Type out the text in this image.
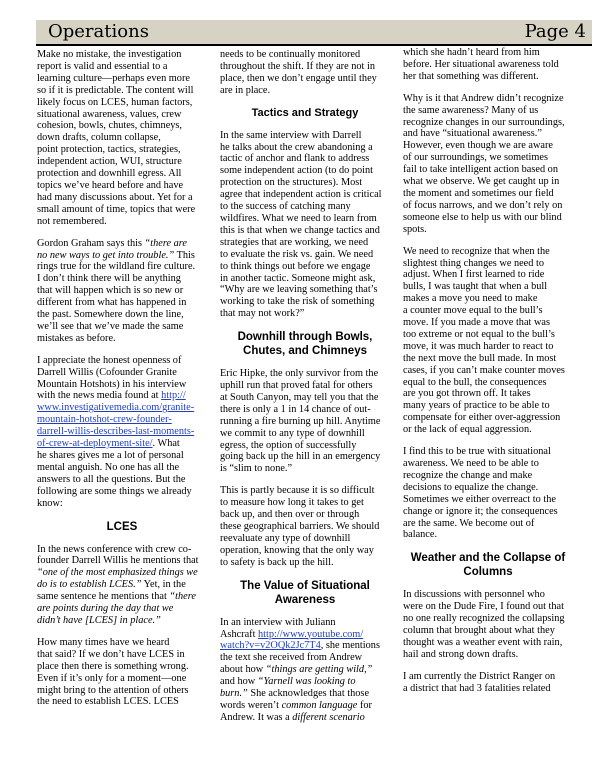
Operations	Page 4

Make no mistake, the investigation
report is valid and essential to a
learning culture—perhaps even more
so if it is predictable. The content will
likely focus on LCES, human factors,
situational awareness, values, crew
cohesion, bowls, chutes, chimneys,
down drafts, column collapse,
point protection, tactics, strategies,
independent action, WUI, structure
protection and downhill egress. All
topics we’ve heard before and have
had many discussions about. Yet for a
small amount of time, topics that were
not remembered.

Gordon Graham says this “there are
no new ways to get into trouble.” This
rings true for the wildland fire culture.
I don’t think there will be anything
that will happen which is so new or
different from what has happened in
the past. Somewhere down the line,
we’ll see that we’ve made the same
mistakes as before.

I appreciate the honest openness of
Darrell Willis (Cofounder Granite
Mountain Hotshots) in his interview
with the news media found at http://
www.investigativemedia.com/granite-
mountain-hotshot-crew-founder-
darrell-willis-describes-last-moments-
of-crew-at-deployment-site/. What
he shares gives me a lot of personal
mental anguish. No one has all the
answers to all the questions. But the
following are some things we already
know:

LCES

In the news conference with crew co-
founder Darrell Willis he mentions that
“one of the most emphasized things we
do is to establish LCES.” Yet, in the
same sentence he mentions that “there
are points during the day that we
didn’t have [LCES] in place.”

How many times have we heard
that said? If we don’t have LCES in
place then there is something wrong.
Even if it’s only for a moment—one
might bring to the attention of others
the need to establish LCES. LCES

needs to be continually monitored
throughout the shift. If they are not in
place, then we don’t engage until they
are in place.

Tactics and Strategy

In the same interview with Darrell
he talks about the crew abandoning a
tactic of anchor and flank to address
some independent action (to do point
protection on the structures). Most
agree that independent action is critical
to the success of catching many
wildfires. What we need to learn from
this is that when we change tactics and
strategies that are working, we need
to evaluate the risk vs. gain. We need
to think things out before we engage
in another tactic. Someone might ask,
“Why are we leaving something that’s
working to take the risk of something
that may not work?”

Downhill through Bowls,
Chutes, and Chimneys

Eric Hipke, the only survivor from the
uphill run that proved fatal for others
at South Canyon, may tell you that the
there is only a 1 in 14 chance of out-
running a fire burning up hill. Anytime
we commit to any type of downhill
egress, the option of successfully
going back up the hill in an emergency
is “slim to none.”

This is partly because it is so difficult
to measure how long it takes to get
back up, and then over or through
these geographical barriers. We should
reevaluate any type of downhill
operation, knowing that the only way
to safety is back up the hill.

The Value of Situational
Awareness

In an interview with Juliann
Ashcraft http://www.youtube.com/
watch?v=v2OQk2Jc7T4, she mentions
the text she received from Andrew
about how “things are getting wild,”
and how “Yarnell was looking to
burn.” She acknowledges that those
words weren’t common language for
Andrew. It was a different scenario

which she hadn’t heard from him
before. Her situational awareness told
her that something was different.

Why is it that Andrew didn’t recognize
the same awareness? Many of us
recognize changes in our surroundings,
and have “situational awareness.”
However, even though we are aware
of our surroundings, we sometimes
fail to take intelligent action based on
what we observe. We get caught up in
the moment and sometimes our field
of focus narrows, and we don’t rely on
someone else to help us with our blind
spots.

We need to recognize that when the
slightest thing changes we need to
adjust. When I first learned to ride
bulls, I was taught that when a bull
makes a move you need to make
a counter move equal to the bull’s
move. If you made a move that was
too extreme or not equal to the bull’s
move, it was much harder to react to
the next move the bull made. In most
cases, if you can’t make counter moves
equal to the bull, the consequences
are you got thrown off. It takes
many years of practice to be able to
compensate for either over-aggression
or the lack of equal aggression.

I find this to be true with situational
awareness. We need to be able to
recognize the change and make
decisions to equalize the change.
Sometimes we either overreact to the
change or ignore it; the consequences
are the same. We become out of
balance.

Weather and the Collapse of
Columns

In discussions with personnel who
were on the Dude Fire, I found out that
no one really recognized the collapsing
column that brought about what they
thought was a weather event with rain,
hail and strong down drafts.

I am currently the District Ranger on
a district that had 3 fatalities related
